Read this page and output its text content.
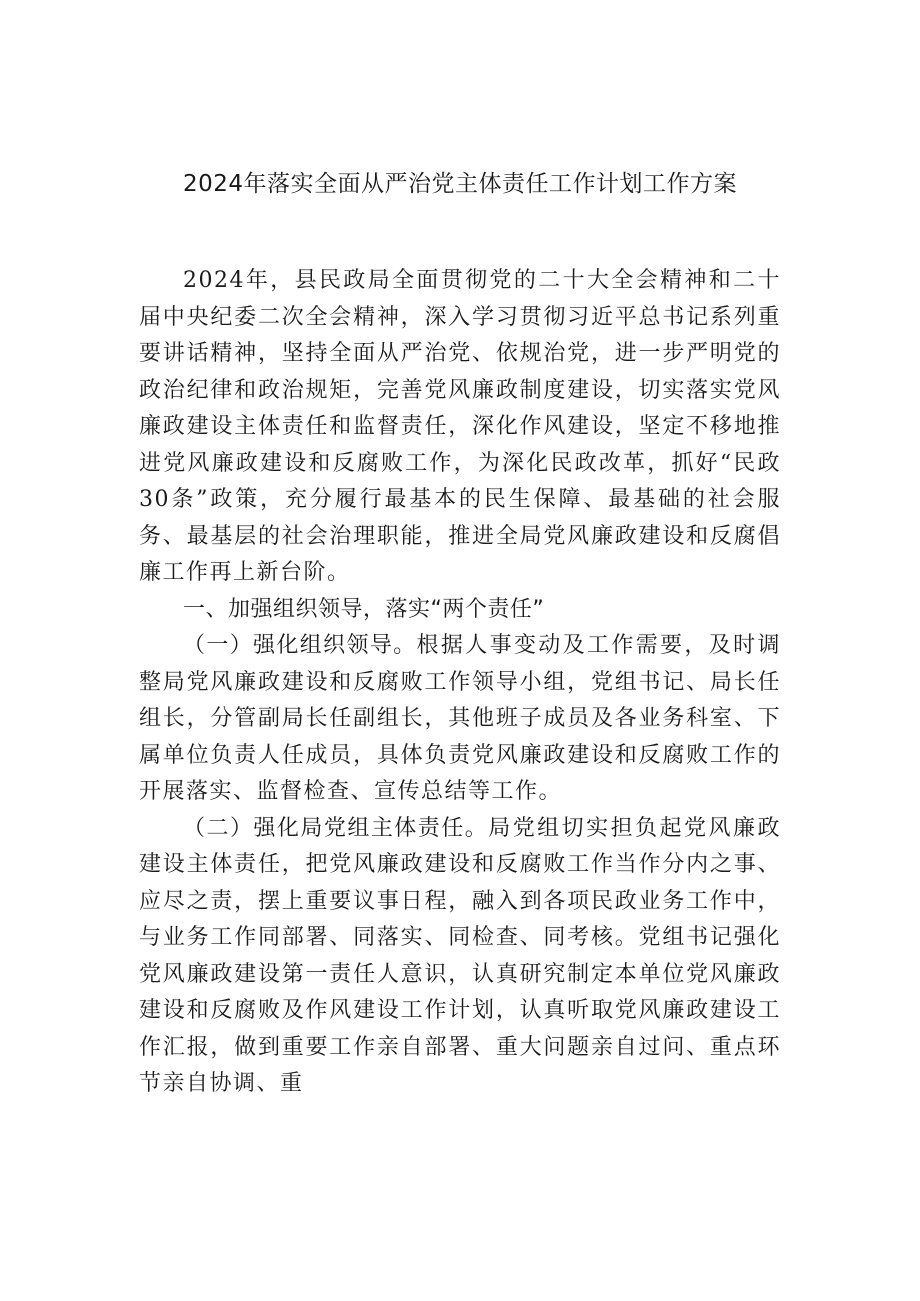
2024年落实全面从严治党主体责任工作计划工作方案

2024年，县民政局全面贯彻党的二十大全会精神和二十届中央纪委二次全会精神，深入学习贯彻习近平总书记系列重要讲话精神，坚持全面从严治党、依规治党，进一步严明党的政治纪律和政治规矩，完善党风廉政制度建设，切实落实党风廉政建设主体责任和监督责任，深化作风建设，坚定不移地推进党风廉政建设和反腐败工作，为深化民政改革，抓好“民政30条”政策，充分履行最基本的民生保障、最基础的社会服务、最基层的社会治理职能，推进全局党风廉政建设和反腐倡廉工作再上新台阶。

一、加强组织领导，落实“两个责任”

（一）强化组织领导。根据人事变动及工作需要，及时调整局党风廉政建设和反腐败工作领导小组，党组书记、局长任组长，分管副局长任副组长，其他班子成员及各业务科室、下属单位负责人任成员，具体负责党风廉政建设和反腐败工作的开展落实、监督检查、宣传总结等工作。

（二）强化局党组主体责任。局党组切实担负起党风廉政建设主体责任，把党风廉政建设和反腐败工作当作分内之事、应尽之责，摆上重要议事日程，融入到各项民政业务工作中，与业务工作同部署、同落实、同检查、同考核。党组书记强化党风廉政建设第一责任人意识，认真研究制定本单位党风廉政建设和反腐败及作风建设工作计划，认真听取党风廉政建设工作汇报，做到重要工作亲自部署、重大问题亲自过问、重点环节亲自协调、重
